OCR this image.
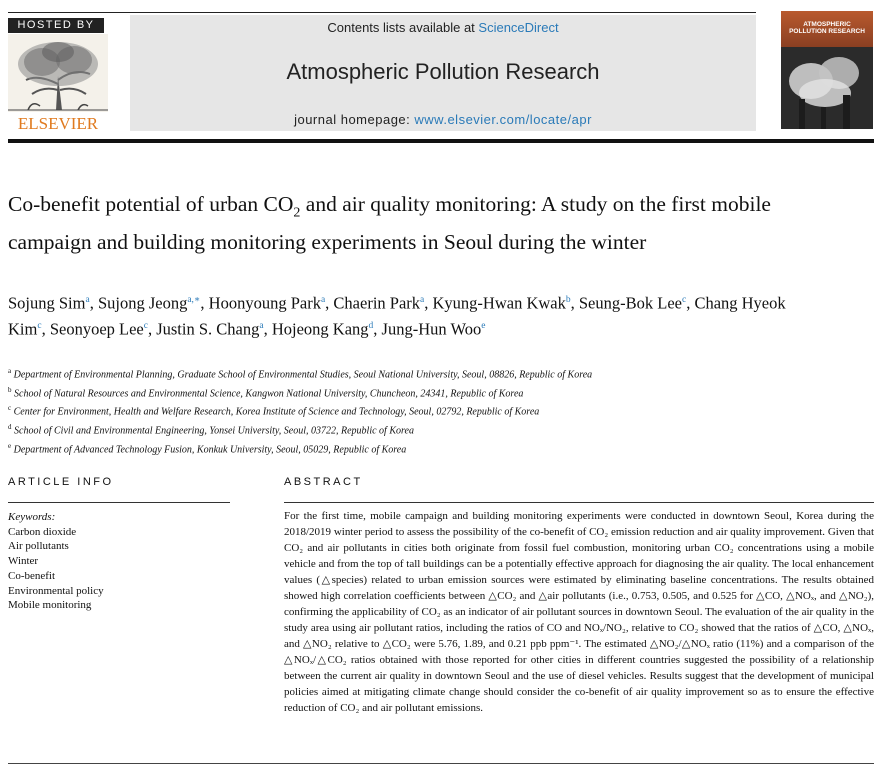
HOSTED BY
ELSEVIER
Contents lists available at ScienceDirect
Atmospheric Pollution Research
journal homepage: www.elsevier.com/locate/apr
ATMOSPHERIC POLLUTION RESEARCH
Co-benefit potential of urban $CO_2$ and air quality monitoring: A study on the first mobile campaign and building monitoring experiments in Seoul during the winter
Sojung Sim$^a$, Sujong Jeong$^{a,∗}$, Hoonyoung Park$^a$, Chaerin Park$^a$, Kyung-Hwan Kwak$^b$, Seung-Bok Lee$^c$, Chang Hyeok Kim$^c$, Seonyoep Lee$^c$, Justin S. Chang$^a$, Hojeong Kang$^d$, Jung-Hun Woo$^e$
$^a$ Department of Environmental Planning, Graduate School of Environmental Studies, Seoul National University, Seoul, 08826, Republic of Korea
$^b$ School of Natural Resources and Environmental Science, Kangwon National University, Chuncheon, 24341, Republic of Korea
$^c$ Center for Environment, Health and Welfare Research, Korea Institute of Science and Technology, Seoul, 02792, Republic of Korea
$^d$ School of Civil and Environmental Engineering, Yonsei University, Seoul, 03722, Republic of Korea
$^e$ Department of Advanced Technology Fusion, Konkuk University, Seoul, 05029, Republic of Korea
ARTICLE INFO
Keywords:
Carbon dioxide
Air pollutants
Winter
Co-benefit
Environmental policy
Mobile monitoring
ABSTRACT
For the first time, mobile campaign and building monitoring experiments were conducted in downtown Seoul, Korea during the 2018/2019 winter period to assess the possibility of the co-benefit of CO₂ emission reduction and air quality improvement. Given that CO₂ and air pollutants in cities both originate from fossil fuel combustion, monitoring urban CO₂ concentrations using a mobile vehicle and from the top of tall buildings can be a potentially effective approach for diagnosing the air quality. The local enhancement values (△species) related to urban emission sources were estimated by eliminating baseline concentrations. The results obtained showed high correlation coefficients between △CO₂ and △air pollutants (i.e., 0.753, 0.505, and 0.525 for △CO, △NOₓ, and △NO₂), confirming the applicability of CO₂ as an indicator of air pollutant sources in downtown Seoul. The evaluation of the air quality in the study area using air pollutant ratios, including the ratios of CO and NOₓ/NO₂, relative to CO₂ showed that the ratios of △CO, △NOₓ, and △NO₂ relative to △CO₂ were 5.76, 1.89, and 0.21 ppb ppm⁻¹. The estimated △NO₂/△NOₓ ratio (11%) and a comparison of the △NOₓ/△CO₂ ratios obtained with those reported for other cities in different countries suggested the possibility of a relationship between the current air quality in downtown Seoul and the use of diesel vehicles. Results suggest that the development of municipal policies aimed at mitigating climate change should consider the co-benefit of air quality improvement so as to ensure the effective reduction of CO₂ and air pollutant emissions.
